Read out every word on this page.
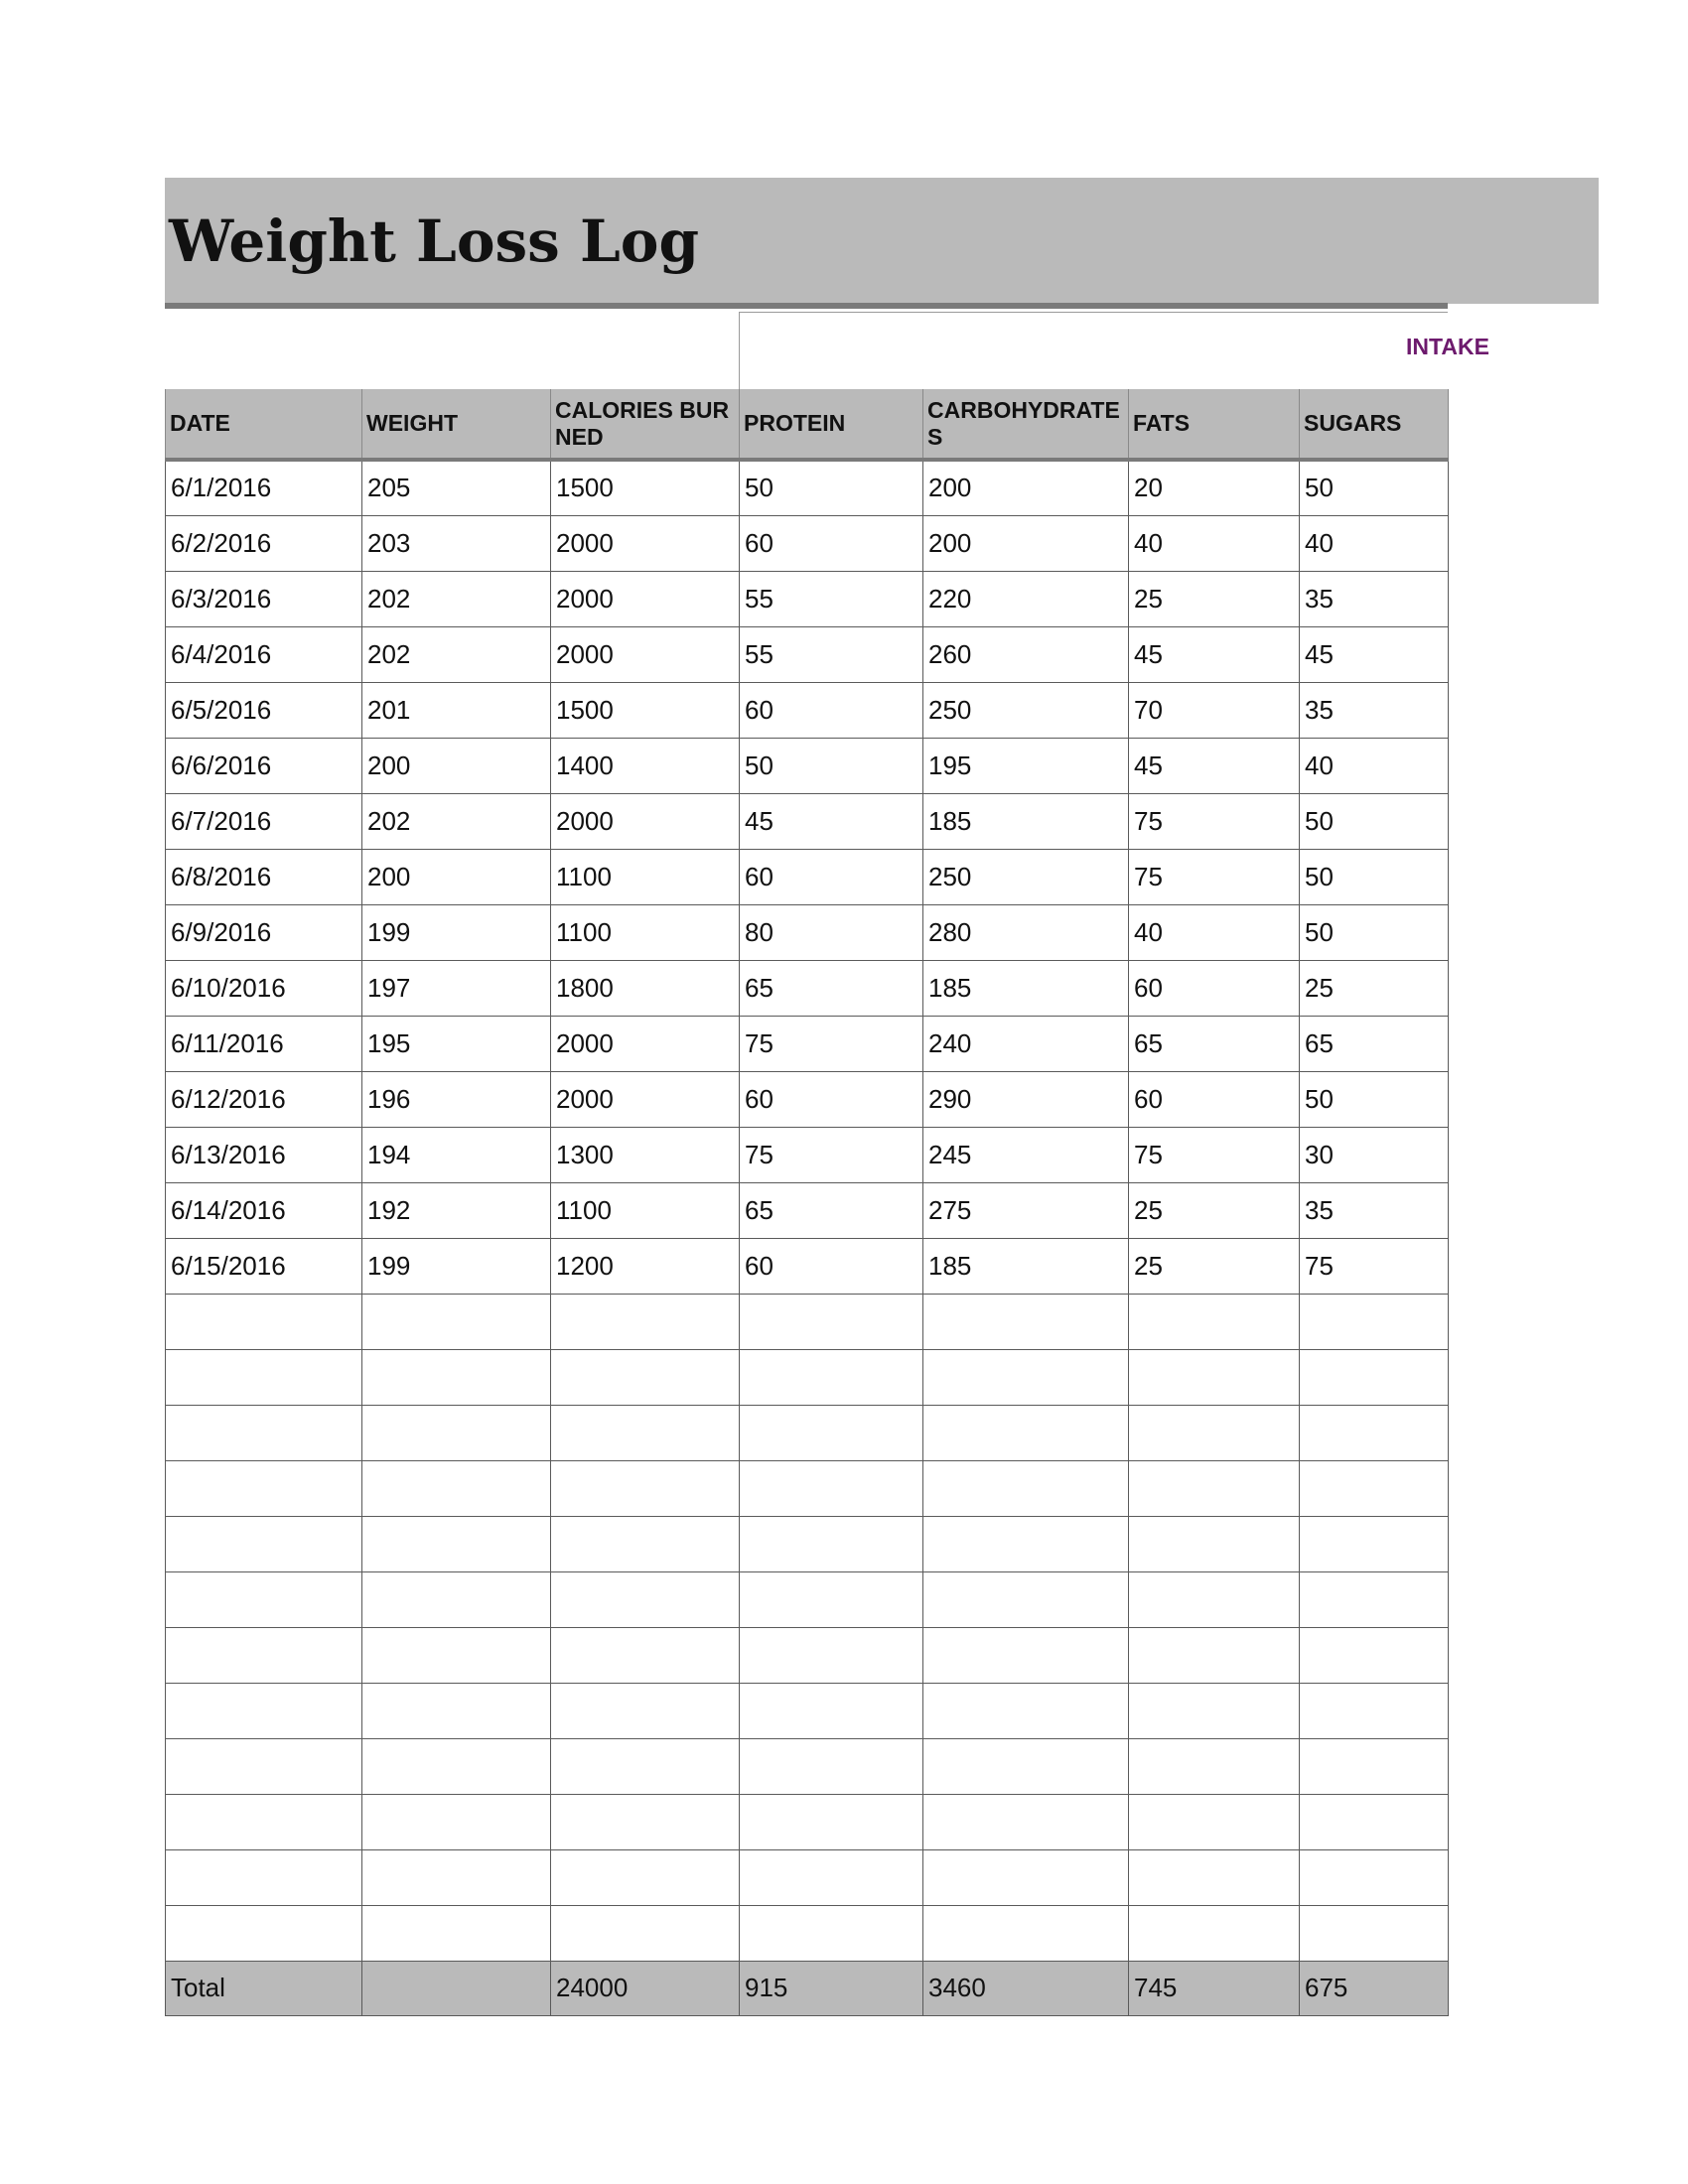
Weight Loss Log
INTAKE
DATE	WEIGHT	CALORIES BURNED	PROTEIN	CARBOHYDRATES	FATS	SUGARS
6/1/2016	205	1500	50	200	20	50
6/2/2016	203	2000	60	200	40	40
6/3/2016	202	2000	55	220	25	35
6/4/2016	202	2000	55	260	45	45
6/5/2016	201	1500	60	250	70	35
6/6/2016	200	1400	50	195	45	40
6/7/2016	202	2000	45	185	75	50
6/8/2016	200	1100	60	250	75	50
6/9/2016	199	1100	80	280	40	50
6/10/2016	197	1800	65	185	60	25
6/11/2016	195	2000	75	240	65	65
6/12/2016	196	2000	60	290	60	50
6/13/2016	194	1300	75	245	75	30
6/14/2016	192	1100	65	275	25	35
6/15/2016	199	1200	60	185	25	75

Total		24000	915	3460	745	675
